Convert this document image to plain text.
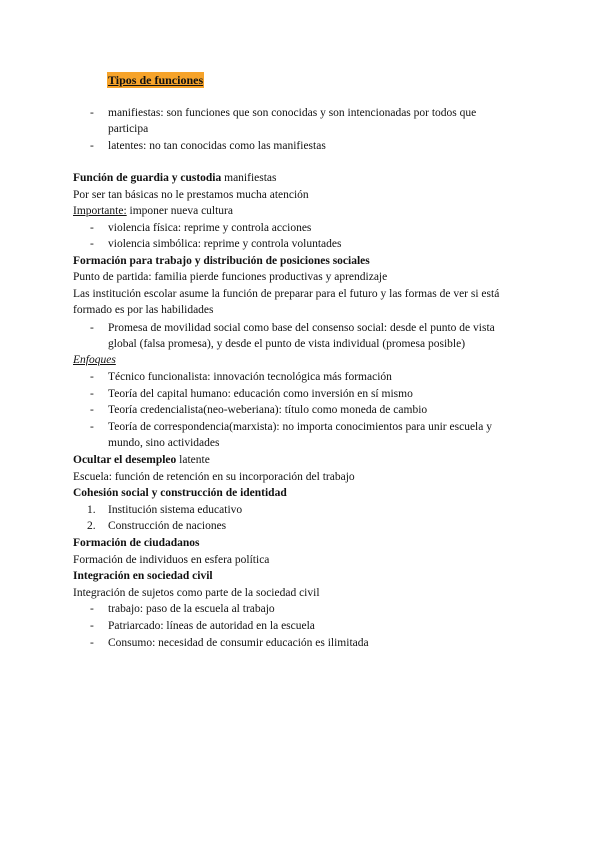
Tipos de funciones
- manifiestas: son funciones que son conocidas y son intencionadas por todos que
participa
- latentes: no tan conocidas como las manifiestas
Función de guardia y custodia manifiestas
Por ser tan básicas no le prestamos mucha atención
Importante: imponer nueva cultura
- violencia física: reprime y controla acciones
- violencia simbólica: reprime y controla voluntades
Formación para trabajo y distribución de posiciones sociales
Punto de partida: familia pierde funciones productivas y aprendizaje
Las institución escolar asume la función de preparar para el futuro y las formas de ver si está
formado es por las habilidades
- Promesa de movilidad social como base del consenso social: desde el punto de vista
global (falsa promesa), y desde el punto de vista individual (promesa posible)
Enfoques
- Técnico funcionalista: innovación tecnológica más formación
- Teoría del capital humano: educación como inversión en sí mismo
- Teoría credencialista(neo-weberiana): título como moneda de cambio
- Teoría de correspondencia(marxista): no importa conocimientos para unir escuela y
mundo, sino actividades
Ocultar el desempleo latente
Escuela: función de retención en su incorporación del trabajo
Cohesión social y construcción de identidad
1. Institución sistema educativo
2. Construcción de naciones
Formación de ciudadanos
Formación de individuos en esfera política
Integración en sociedad civil
Integración de sujetos como parte de la sociedad civil
- trabajo: paso de la escuela al trabajo
- Patriarcado: líneas de autoridad en la escuela
- Consumo: necesidad de consumir educación es ilimitada
